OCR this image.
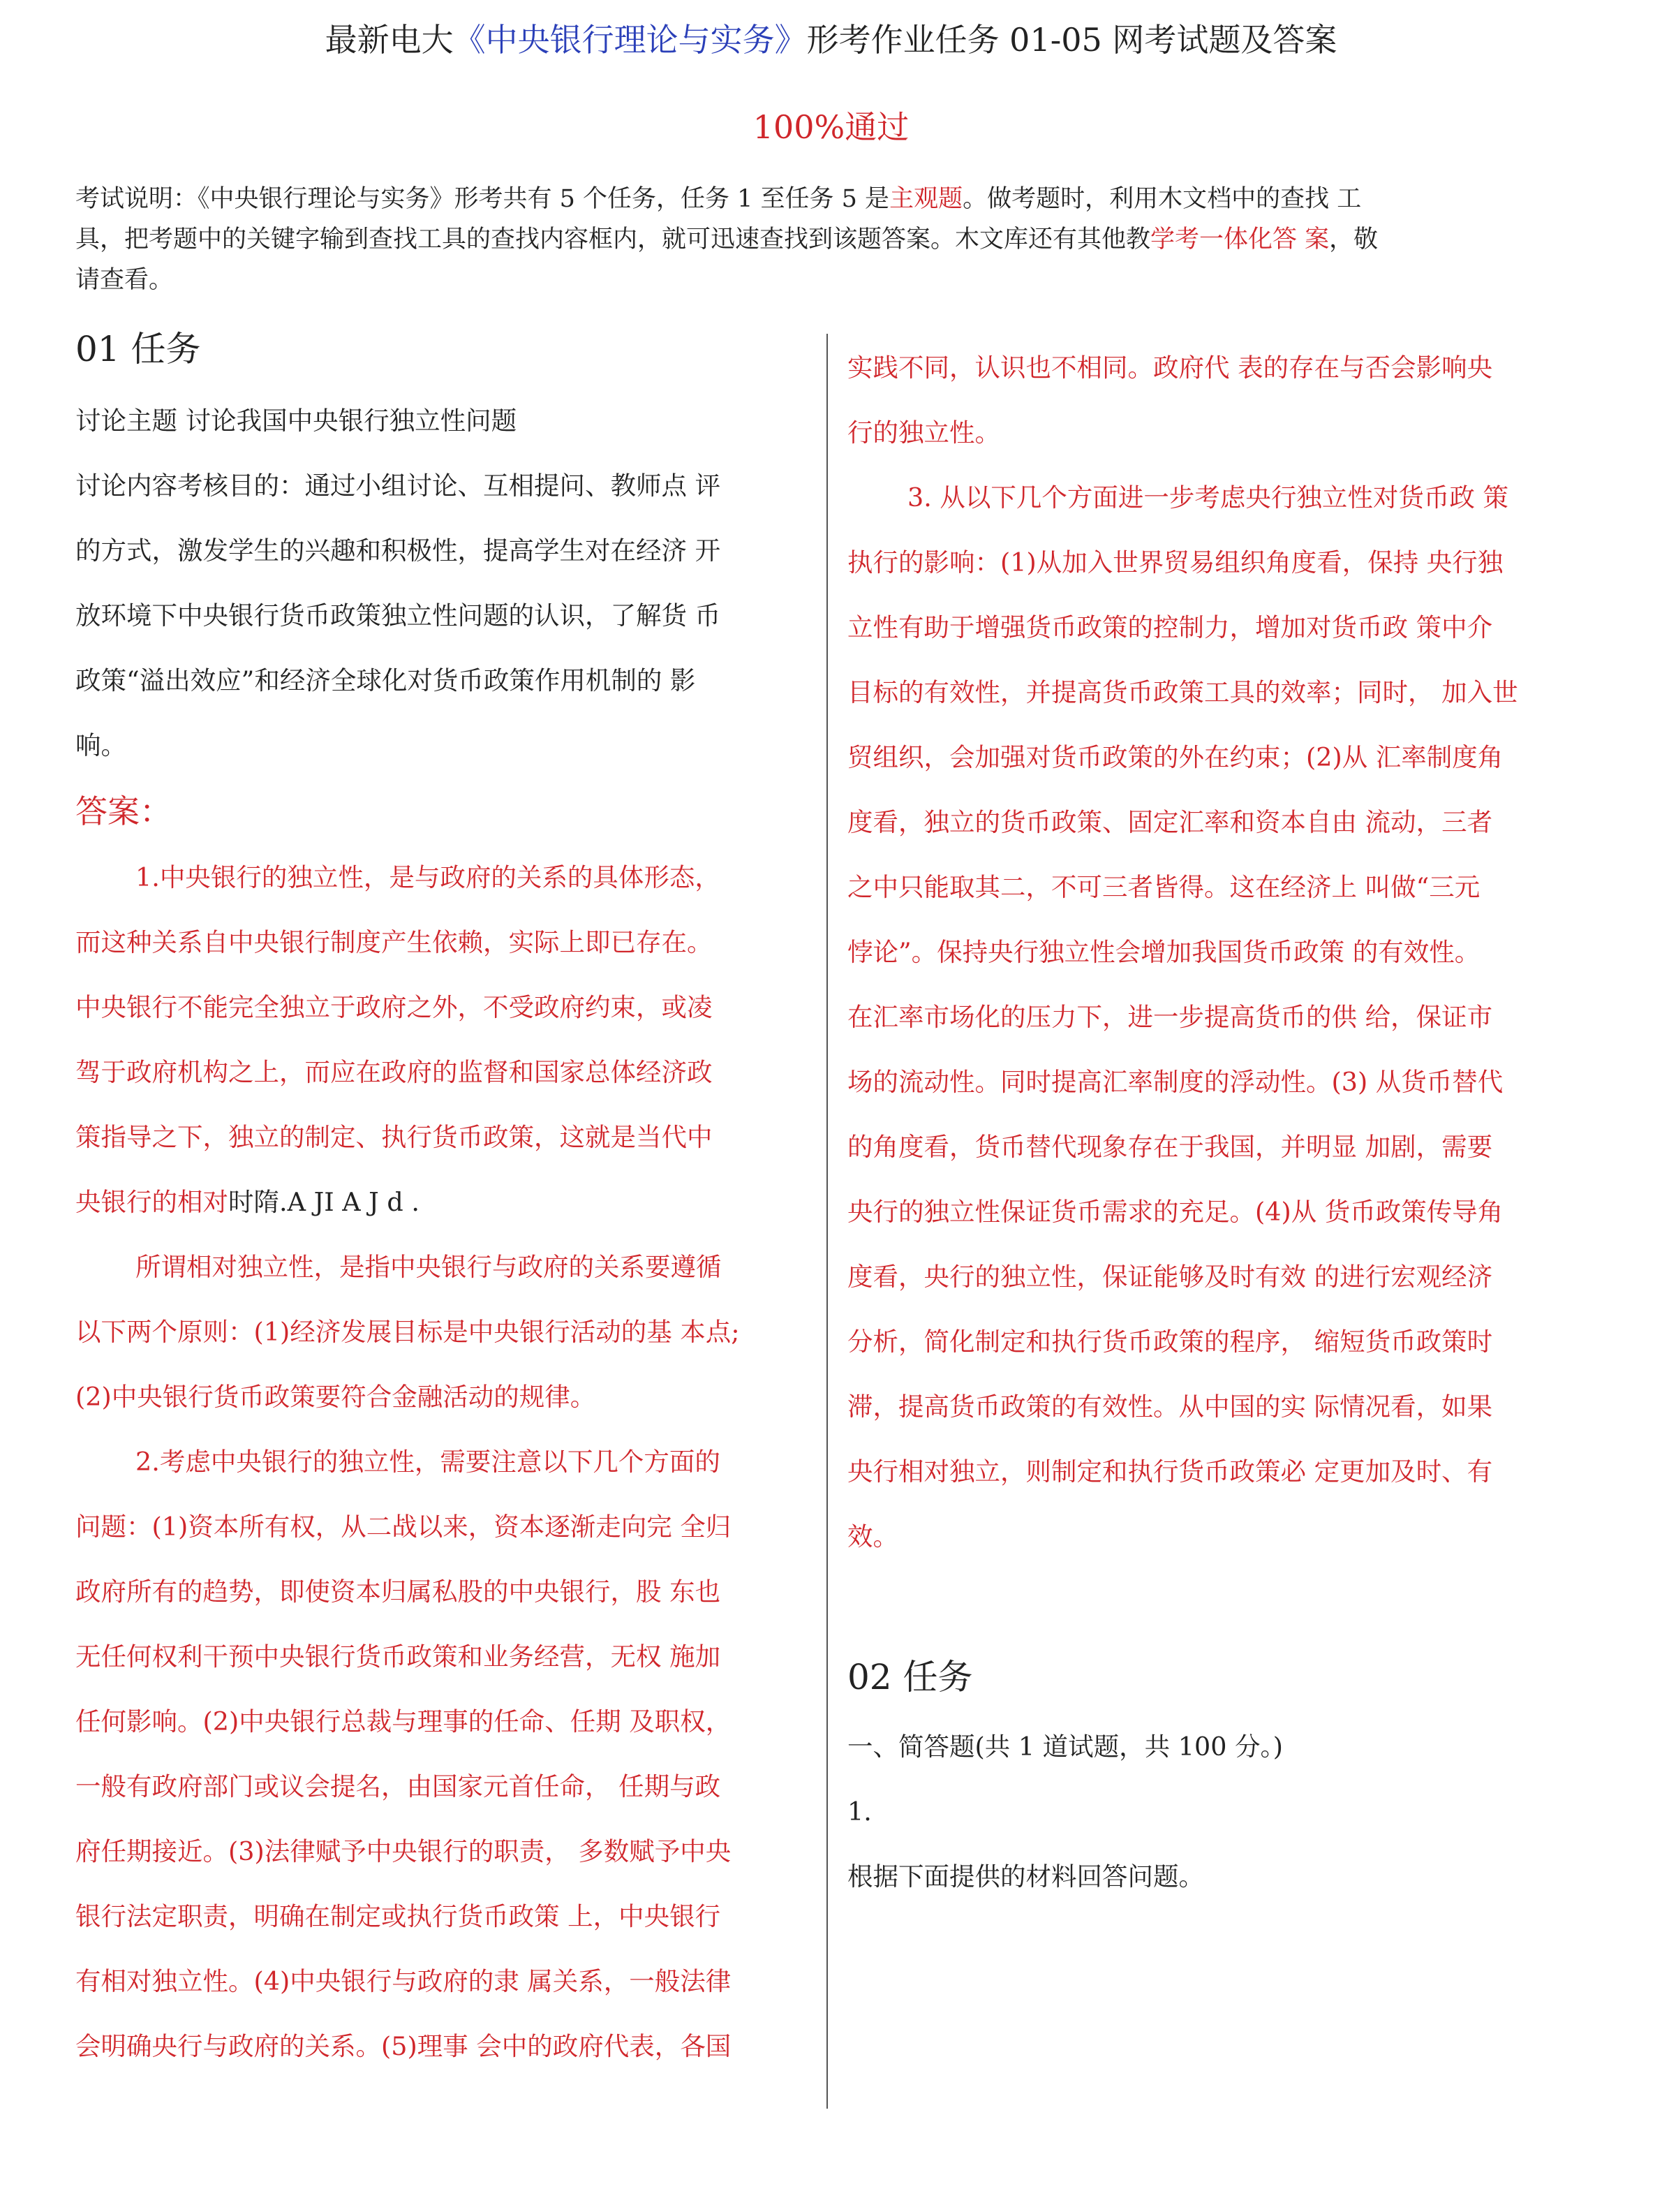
最新电大《中央银行理论与实务》形考作业任务 01-05 网考试题及答案
100%通过
考试说明：《中央银行理论与实务》形考共有 5 个任务，任务 1 至任务 5 是主观题。做考题时，利用木文档中的查找 工
具，把考题中的关键字输到查找工具的查找内容框内，就可迅速查找到该题答案。木文库还有其他教学考一体化答 案，敬
请查看。
01 任务
讨论主题 讨论我国中央银行独立性问题
讨论内容考核目的：通过小组讨论、互相提问、教师点 评
的方式，激发学生的兴趣和积极性，提高学生对在经济 开
放环境下中央银行货币政策独立性问题的认识，了解货 币
政策“溢出效应”和经济全球化对货币政策作用机制的 影
响。
答案：
1.中央银行的独立性，是与政府的关系的具体形态，
而这种关系自中央银行制度产生依赖，实际上即已存在。
中央银行不能完全独立于政府之外，不受政府约束，或凌
驾于政府机构之上，而应在政府的监督和国家总体经济政
策指导之下，独立的制定、执行货币政策，这就是当代中
央银行的相对时隋.A JI A J d .
所谓相对独立性，是指中央银行与政府的关系要遵循
以下两个原则：(1)经济发展目标是中央银行活动的基 本点;
(2)中央银行货币政策要符合金融活动的规律。
2.考虑中央银行的独立性，需要注意以下几个方面的
问题：(1)资本所有权，从二战以来，资本逐渐走向完 全归
政府所有的趋势，即使资本归属私股的中央银行，股 东也
无任何权利干预中央银行货币政策和业务经营，无权 施加
任何影响。(2)中央银行总裁与理事的任命、任期 及职权，
一般有政府部门或议会提名，由国家元首任命， 任期与政
府任期接近。(3)法律赋予中央银行的职责， 多数赋予中央
银行法定职责，明确在制定或执行货币政策 上，中央银行
有相对独立性。(4)中央银行与政府的隶 属关系，一般法律
会明确央行与政府的关系。(5)理事 会中的政府代表，各国
实践不同，认识也不相同。政府代 表的存在与否会影响央
行的独立性。
3. 从以下几个方面进一步考虑央行独立性对货币政 策
执行的影响：(1)从加入世界贸易组织角度看，保持 央行独
立性有助于增强货币政策的控制力，增加对货币政 策中介
目标的有效性，并提高货币政策工具的效率；同时， 加入世
贸组织，会加强对货币政策的外在约束；(2)从 汇率制度角
度看，独立的货币政策、固定汇率和资本自由 流动，三者
之中只能取其二，不可三者皆得。这在经济上 叫做“三元
悖论”。保持央行独立性会增加我国货币政策 的有效性。
在汇率市场化的压力下，进一步提高货币的供 给，保证市
场的流动性。同时提高汇率制度的浮动性。(3) 从货币替代
的角度看，货币替代现象存在于我国，并明显 加剧，需要
央行的独立性保证货币需求的充足。(4)从 货币政策传导角
度看，央行的独立性，保证能够及时有效 的进行宏观经济
分析，简化制定和执行货币政策的程序， 缩短货币政策时
滞，提高货币政策的有效性。从中国的实 际情况看，如果
央行相对独立，则制定和执行货币政策必 定更加及时、有
效。
02 任务
一、简答题(共 1 道试题，共 100 分。)
1.
根据下面提供的材料回答问题。
